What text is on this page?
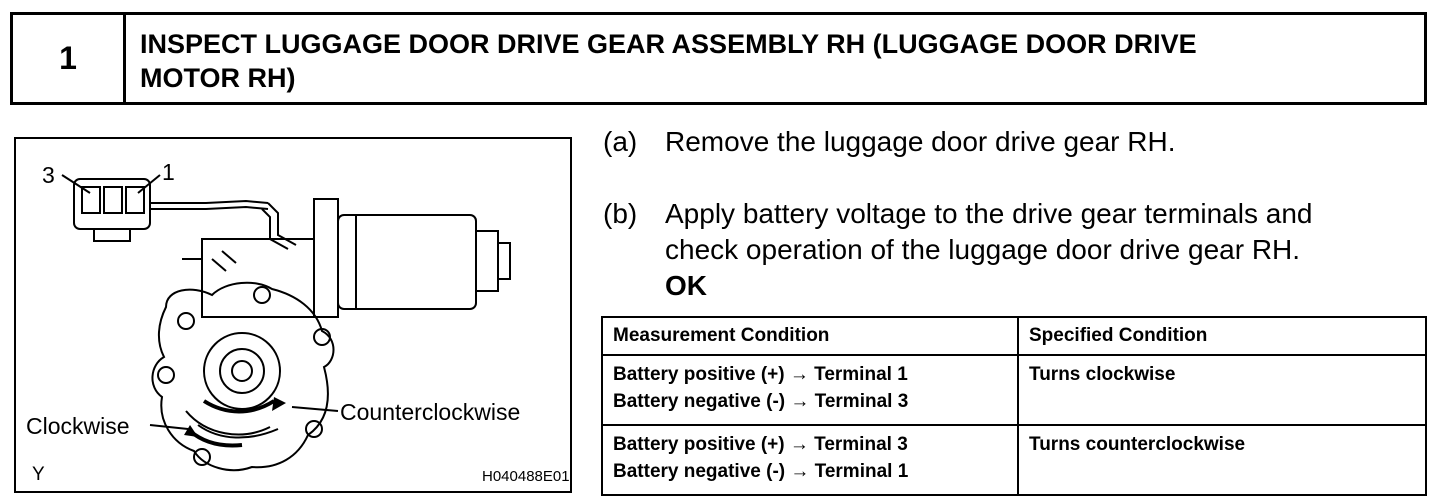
1	INSPECT LUGGAGE DOOR DRIVE GEAR ASSEMBLY RH (LUGGAGE DOOR DRIVE
MOTOR RH)
3	1
Clockwise
Counterclockwise
Y	H040488E01
(a) Remove the luggage door drive gear RH.
(b) Apply battery voltage to the drive gear terminals and
check operation of the luggage door drive gear RH.
OK
Measurement Condition	Specified Condition

Battery positive (+) → Terminal 1
Battery negative (-) → Terminal 3	Turns clockwise

Battery positive (+) → Terminal 3
Battery negative (-) → Terminal 1	Turns counterclockwise
